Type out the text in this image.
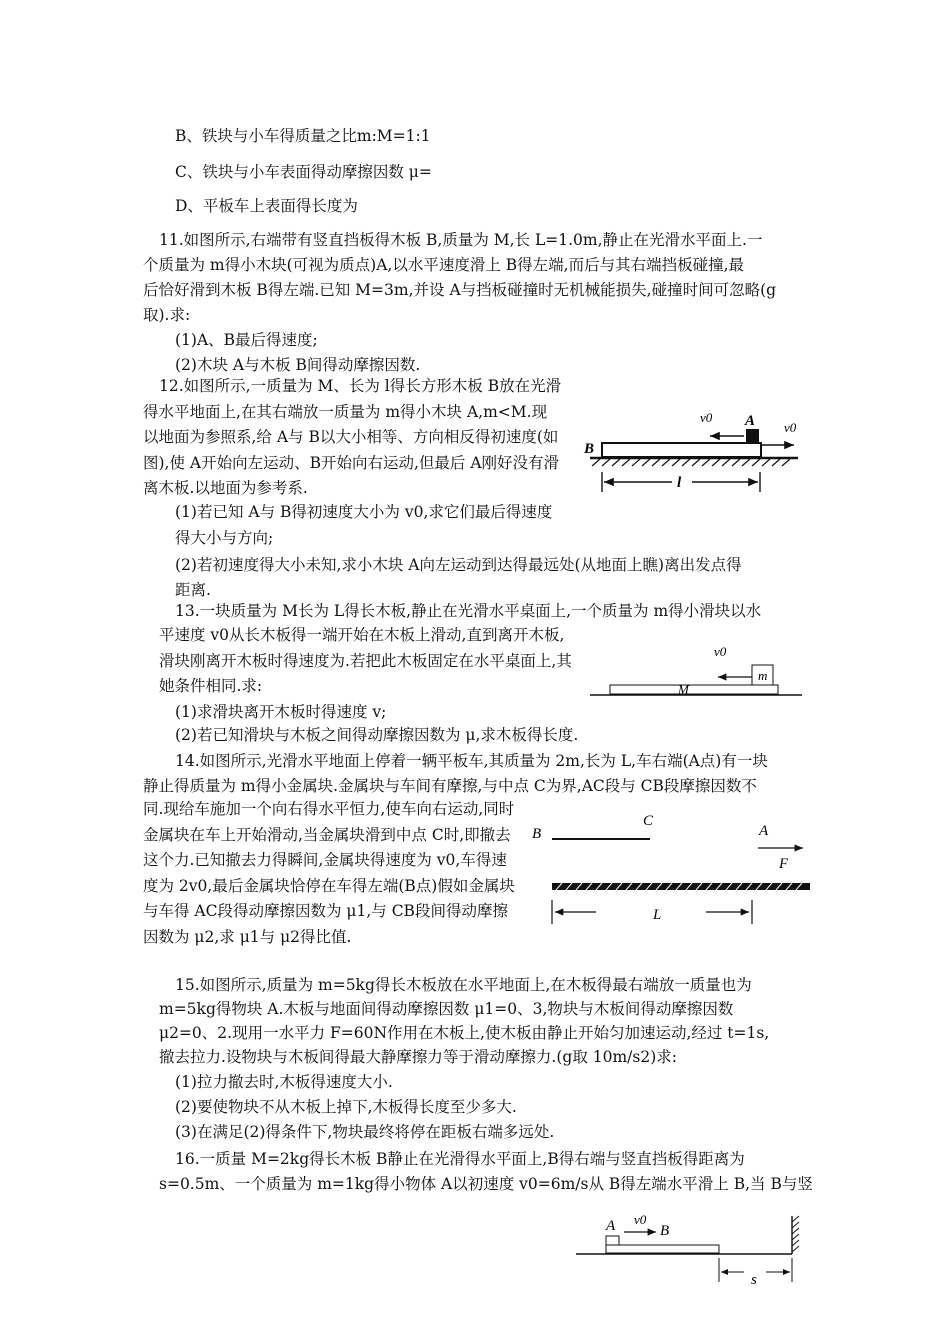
B、铁块与小车得质量之比m:M=1:1
C、铁块与小车表面得动摩擦因数 μ=
D、平板车上表面得长度为
11.如图所示,右端带有竖直挡板得木板 B,质量为 M,长 L=1.0m,静止在光滑水平面上.一
个质量为 m得小木块(可视为质点)A,以水平速度滑上 B得左端,而后与其右端挡板碰撞,最
后恰好滑到木板 B得左端.已知 M=3m,并设 A与挡板碰撞时无机械能损失,碰撞时间可忽略(g
取).求:
(1)A、B最后得速度;
(2)木块 A与木板 B间得动摩擦因数.
12.如图所示,一质量为 M、长为 l得长方形木板 B放在光滑得水平地面上,在其右端放一质量为 m得小木块 A,m<M.现以地面为参照系,给 A与 B以大小相等、方向相反得初速度(如图),使 A开始向左运动、B开始向右运动,但最后 A刚好没有滑离木板.以地面为参考系.
(1)若已知 A与 B得初速度大小为 v0,求它们最后得速度得大小与方向;
(2)若初速度得大小未知,求小木块 A向左运动到达得最远处(从地面上瞧)离出发点得
距离.
v0 A v0
B
l
13.一块质量为 M长为 L得长木板,静止在光滑水平桌面上,一个质量为 m得小滑块以水
平速度 v0从长木板得一端开始在木板上滑动,直到离开木板,滑块刚离开木板时得速度为.若把此木板固定在水平桌面上,其她条件相同.求:
(1)求滑块离开木板时得速度 v;
(2)若已知滑块与木板之间得动摩擦因数为 μ,求木板得长度.
v0
m
M
14.如图所示,光滑水平地面上停着一辆平板车,其质量为 2m,长为 L,车右端(A点)有一块
静止得质量为 m得小金属块.金属块与车间有摩擦,与中点 C为界,AC段与 CB段摩擦因数不
同.现给车施加一个向右得水平恒力,使车向右运动,同时金属块在车上开始滑动,当金属块滑到中点 C时,即撤去这个力.已知撤去力得瞬间,金属块得速度为 v0,车得速度为 2v0,最后金属块恰停在车得左端(B点)假如金属块与车得 AC段得动摩擦因数为 μ1,与 CB段间得动摩擦因数为 μ2,求 μ1与 μ2得比值.
B
C
A
F
L
15.如图所示,质量为 m=5kg得长木板放在水平地面上,在木板得最右端放一质量也为
m=5kg得物块 A.木板与地面间得动摩擦因数 μ1=0、3,物块与木板间得动摩擦因数
μ2=0、2.现用一水平力 F=60N作用在木板上,使木板由静止开始匀加速运动,经过 t=1s,
撤去拉力.设物块与木板间得最大静摩擦力等于滑动摩擦力.(g取 10m/s2)求:
(1)拉力撤去时,木板得速度大小.
(2)要使物块不从木板上掉下,木板得长度至少多大.
(3)在满足(2)得条件下,物块最终将停在距板右端多远处.
16.一质量 M=2kg得长木板 B静止在光滑得水平面上,B得右端与竖直挡板得距离为
s=0.5m、一个质量为 m=1kg得小物体 A以初速度 v0=6m/s从 B得左端水平滑上 B,当 B与竖
A v0
B
s
